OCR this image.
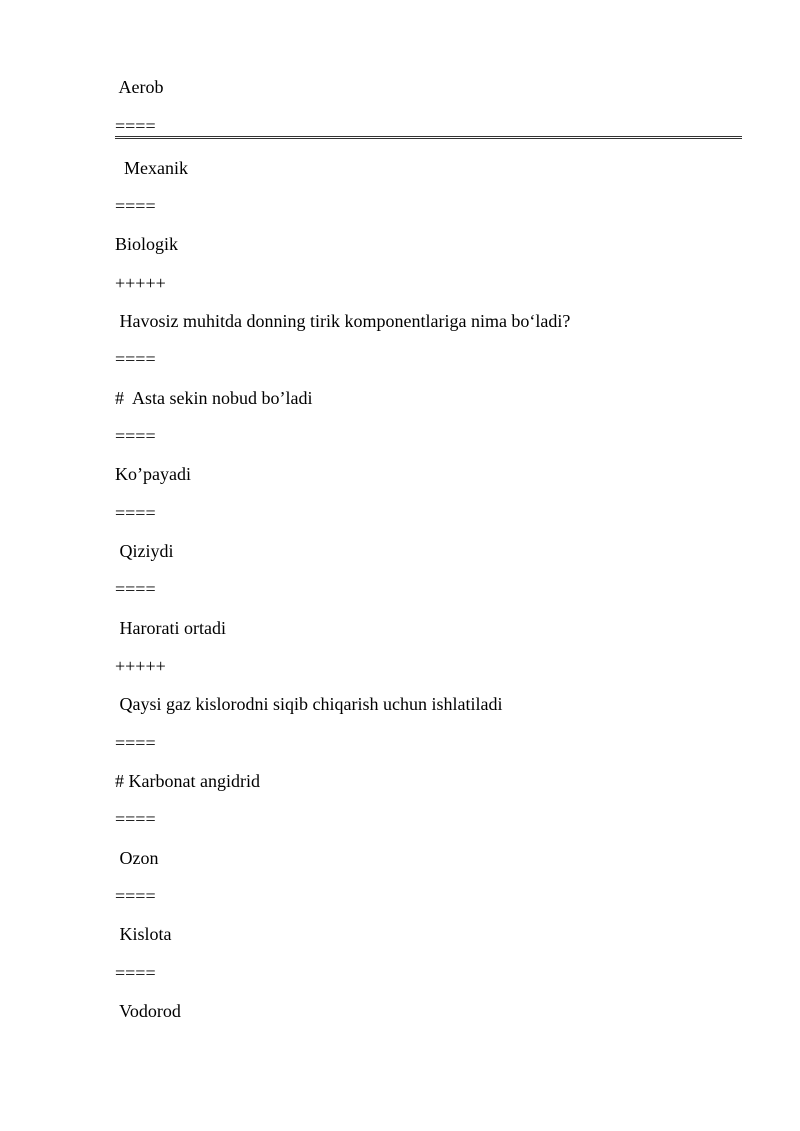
Aerob
====
Mexanik
====
Biologik
+++++
Havosiz muhitda donning tirik komponentlariga nima bo‘ladi?
====
#  Asta sekin nobud bo’ladi
====
Ko’payadi
====
Qiziydi
====
Harorati ortadi
+++++
Qaysi gaz kislorodni siqib chiqarish uchun ishlatiladi
====
# Karbonat angidrid
====
Ozon
====
Kislota
====
Vodorod
